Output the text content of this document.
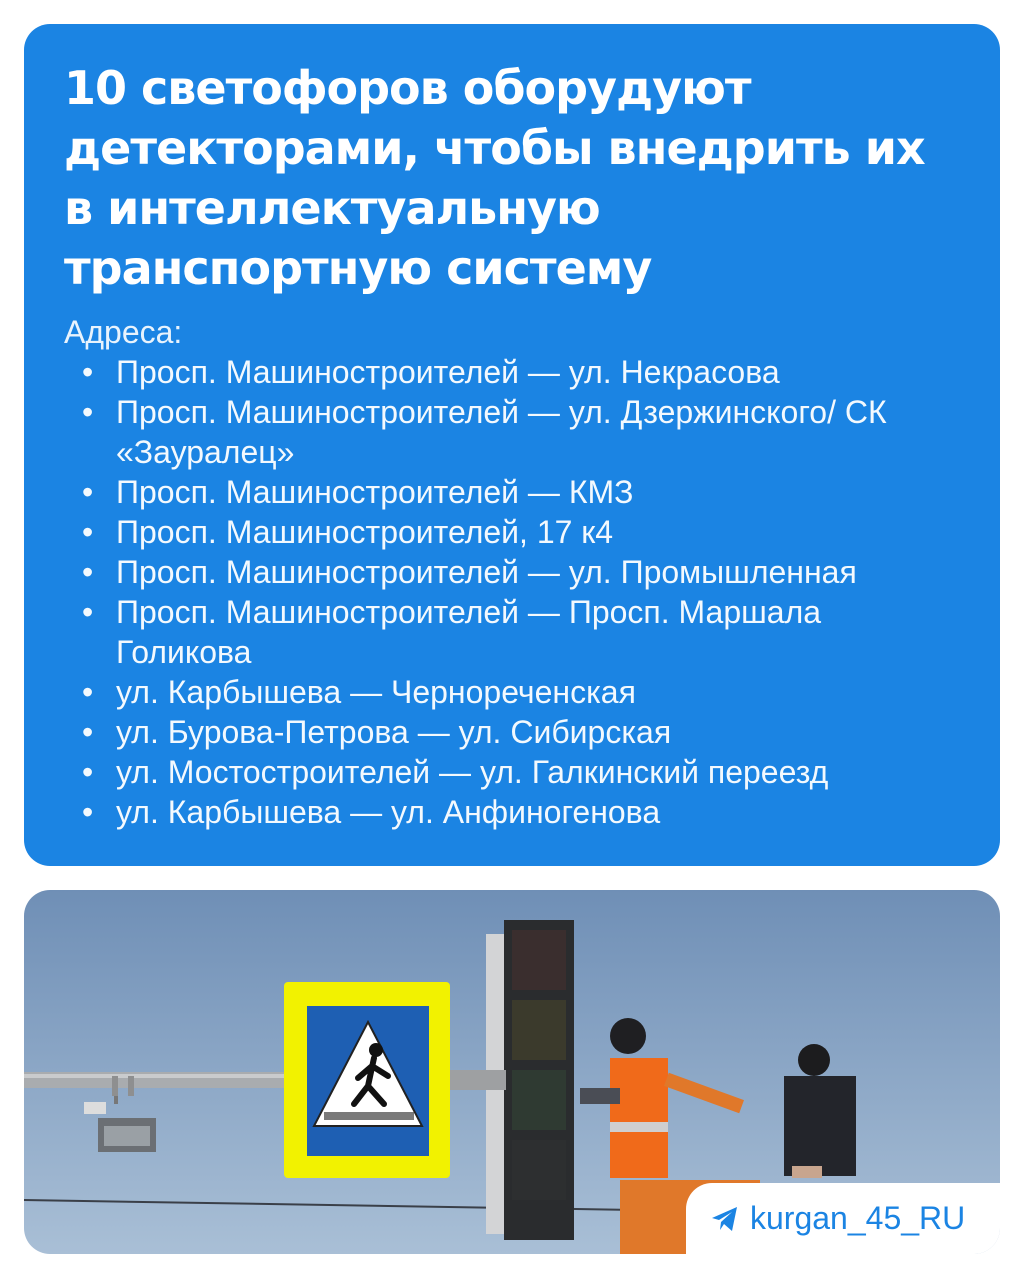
10 светофоров оборудуют детекторами, чтобы внедрить их в интеллектуальную транспортную систему
Адреса:
• Просп. Машиностроителей — ул. Некрасова
• Просп. Машиностроителей — ул. Дзержинского/ СК «Зауралец»
• Просп. Машиностроителей — КМЗ
• Просп. Машиностроителей, 17 к4
• Просп. Машиностроителей — ул. Промышленная
• Просп. Машиностроителей — Просп. Маршала Голикова
• ул. Карбышева — Чернореченская
• ул. Бурова-Петрова — ул. Сибирская
• ул. Мостостроителей — ул. Галкинский переезд
• ул. Карбышева — ул. Анфиногенова
kurgan_45_RU
